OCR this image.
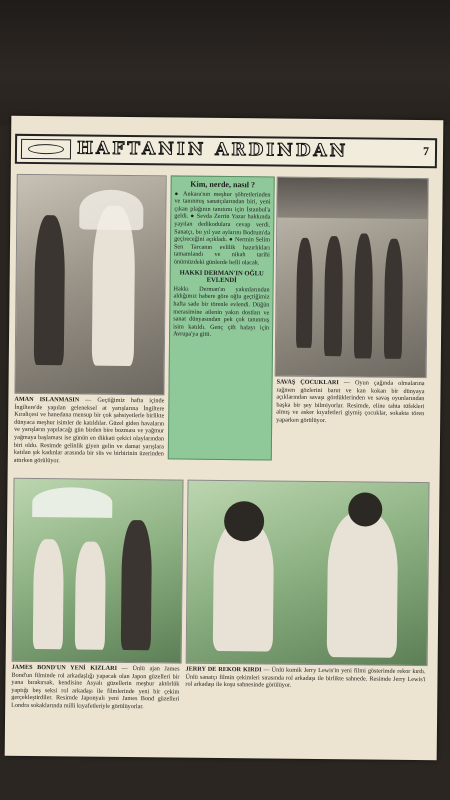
HAFTANIN ARDINDAN	7
AMAN ISLANMASIN — Geçtiğimiz hafta içinde İngiltere'de yapılan geleneksel at yarışlarına İngiltere Kıraliçesi ve hanedana mensup bir çok şahsiyetlerle birlikte dünyaca meşhur isimler de katıldılar. Güzel giden havaların ve yarışların yapılacağı gün birden bire bozması ve yağmur yağmaya başlaması ise günün en dikkati çekici olaylarından biri oldu. Resimde gelinlik giyen gelin ve damat yarışlara katılan şık kadınlar arasında bir süs ve birbirinin üzerinden attırken görülüyor.
Kim, nerde, nasıl ?
● Ankara'nın meşhur şöhretlerinden ve tanınmış sanatçılarından biri, yeni çıkan plağının tanıtımı için İstanbul'a geldi. ● Sevda Zerrin Yazar hakkında yayılan dedikodulara cevap verdi. Sanatçı, bu yıl yaz aylarını Bodrum'da geçireceğini açıkladı. ● Nermin Selim Sen Tarcanın evlilik hazırlıkları tamamlandı ve nikah tarihi önümüzdeki günlerde belli olacak.
HAKKI DERMAN'IN OĞLU EVLENDİ
Hakkı Derman'ın yakınlarından aldığımız habere göre oğlu geçtiğimiz hafta sade bir törenle evlendi. Düğün merasimine ailenin yakın dostları ve sanat dünyasından pek çok tanınmış isim katıldı. Genç çift balayı için Avrupa'ya gitti.
SAVAŞ ÇOCUKLARI — Oyun çağında olmalarına rağmen gözlerini barut ve kan kokan bir dünyaya açıklarından savaşı gördüklerinden ve savaş oyunlarından başka bir şey bilmiyorlar. Resimde, eline tahta tüfekleri almış ve asker kıyafetleri giymiş çocuklar, sokakta tören yaparken görülüyor.
JAMES BOND'UN YENİ KIZLARI — Ünlü ajan James Bond'un filminde rol arkadaşlığı yapacak olan Japon güzelleri bir yana bırakırsak, kendisine Asyalı güzellerin meşhur aktörlük yaptığı beş seksi rol arkadaşı ile filmlerinde yeni bir çekim gerçekleştirdiler. Resimde Japonyalı yeni James Bond güzelleri Londra sokaklarında milli kıyafetleriyle görülüyorlar.
JERRY DE REKOR KIRDI — Ünlü komik Jerry Lewis'in yeni filmi gösterimde rekor kırdı. Ünlü sanatçı filmin çekimleri sırasında rol arkadaşı ile birlikte sahnede. Resimde Jerry Lewis'i rol arkadaşı ile koşu sahnesinde görülüyor.
